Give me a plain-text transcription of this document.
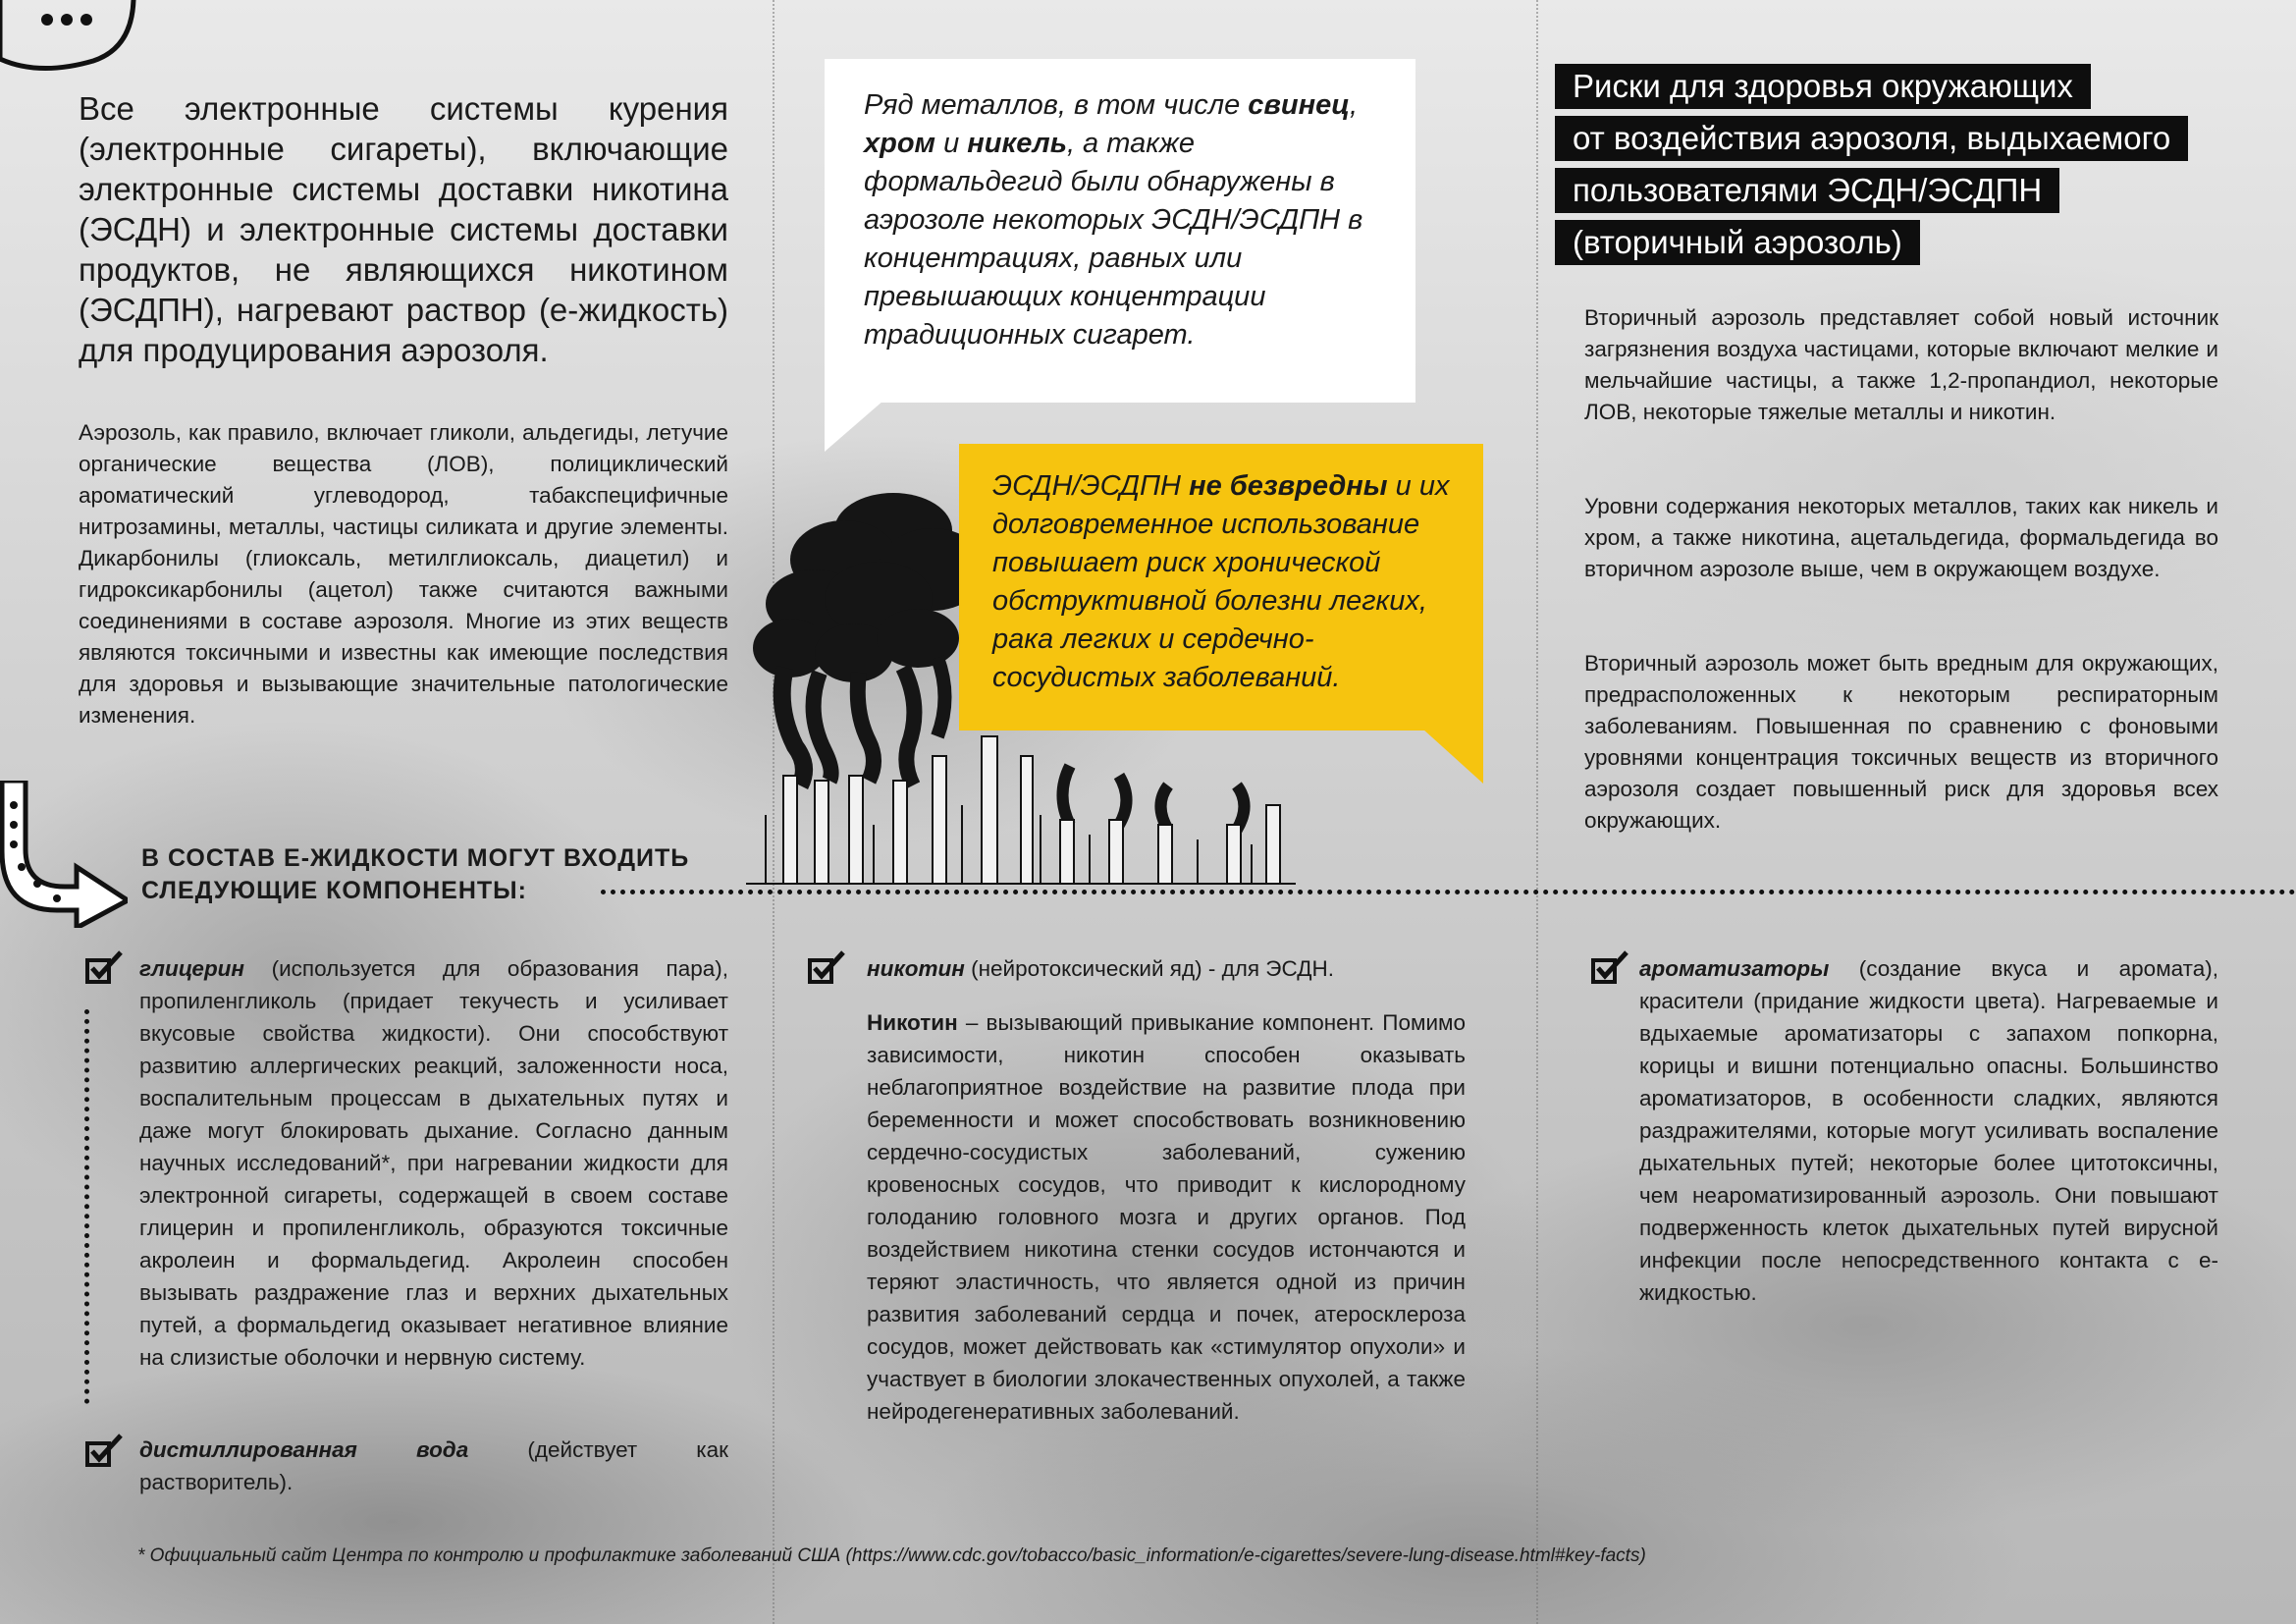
Все электронные системы курения (электронные сигареты), включающие электронные системы доставки никотина (ЭСДН) и электронные системы доставки продуктов, не являющихся никотином (ЭСДПН), нагревают раствор (е-жидкость) для продуцирования аэрозоля.

Аэрозоль, как правило, включает гликоли, альдегиды, летучие органические вещества (ЛОВ), полициклический ароматический углеводород, табакспецифичные нитрозамины, металлы, частицы силиката и другие элементы. Дикарбонилы (глиоксаль, метилглиоксаль, диацетил) и гидроксикарбонилы (ацетол) также считаются важными соединениями в составе аэрозоля. Многие из этих веществ являются токсичными и известны как имеющие последствия для здоровья и вызывающие значительные патологические изменения.

Ряд металлов, в том числе свинец, хром и никель, а также формальдегид были обнаружены в аэрозоле некоторых ЭСДН/ЭСДПН в концентрациях, равных или превышающих концентрации традиционных сигарет.

ЭСДН/ЭСДПН не безвредны и их долговременное использование повышает риск хронической обструктивной болезни легких, рака легких и сердечно-сосудистых заболеваний.

Риски для здоровья окружающих
от воздействия аэрозоля, выдыхаемого
пользователями ЭСДН/ЭСДПН
(вторичный аэрозоль)

Вторичный аэрозоль представляет собой новый источник загрязнения воздуха частицами, которые включают мелкие и мельчайшие частицы, а также 1,2-пропандиол, некоторые ЛОВ, некоторые тяжелые металлы и никотин.

Уровни содержания некоторых металлов, таких как никель и хром, а также никотина, ацетальдегида, формальдегида во вторичном аэрозоле выше, чем в окружающем воздухе.

Вторичный аэрозоль может быть вредным для окружающих, предрасположенных к некоторым респираторным заболеваниям. Повышенная по сравнению с фоновыми уровнями концентрация токсичных веществ из вторичного аэрозоля создает повышенный риск для здоровья всех окружающих.

В СОСТАВ Е-ЖИДКОСТИ МОГУТ ВХОДИТЬ
СЛЕДУЮЩИЕ КОМПОНЕНТЫ:

глицерин (используется для образования пара), пропиленгликоль (придает текучесть и усиливает вкусовые свойства жидкости). Они способствуют развитию аллергических реакций, заложенности носа, воспалительным процессам в дыхательных путях и даже могут блокировать дыхание. Согласно данным научных исследований*, при нагревании жидкости для электронной сигареты, содержащей в своем составе глицерин и пропиленгликоль, образуются токсичные акролеин и формальдегид. Акролеин способен вызывать раздражение глаз и верхних дыхательных путей, а формальдегид оказывает негативное влияние на слизистые оболочки и нервную систему.

дистиллированная вода (действует как растворитель).

никотин (нейротоксический яд) - для ЭСДН.

Никотин – вызывающий привыкание компонент. Помимо зависимости, никотин способен оказывать неблагоприятное воздействие на развитие плода при беременности и может способствовать возникновению сердечно-сосудистых заболеваний, сужению кровеносных сосудов, что приводит к кислородному голоданию головного мозга и других органов. Под воздействием никотина стенки сосудов истончаются и теряют эластичность, что является одной из причин развития заболеваний сердца и почек, атеросклероза сосудов, может действовать как «стимулятор опухоли» и участвует в биологии злокачественных опухолей, а также нейродегенеративных заболеваний.

ароматизаторы (создание вкуса и аромата), красители (придание жидкости цвета). Нагреваемые и вдыхаемые ароматизаторы с запахом попкорна, корицы и вишни потенциально опасны. Большинство ароматизаторов, в особенности сладких, являются раздражителями, которые могут усиливать воспаление дыхательных путей; некоторые более цитотоксичны, чем неароматизированный аэрозоль. Они повышают подверженность клеток дыхательных путей вирусной инфекции после непосредственного контакта с е-жидкостью.

* Официальный сайт Центра по контролю и профилактике заболеваний США (https://www.cdc.gov/tobacco/basic_information/e-cigarettes/severe-lung-disease.html#key-facts)
